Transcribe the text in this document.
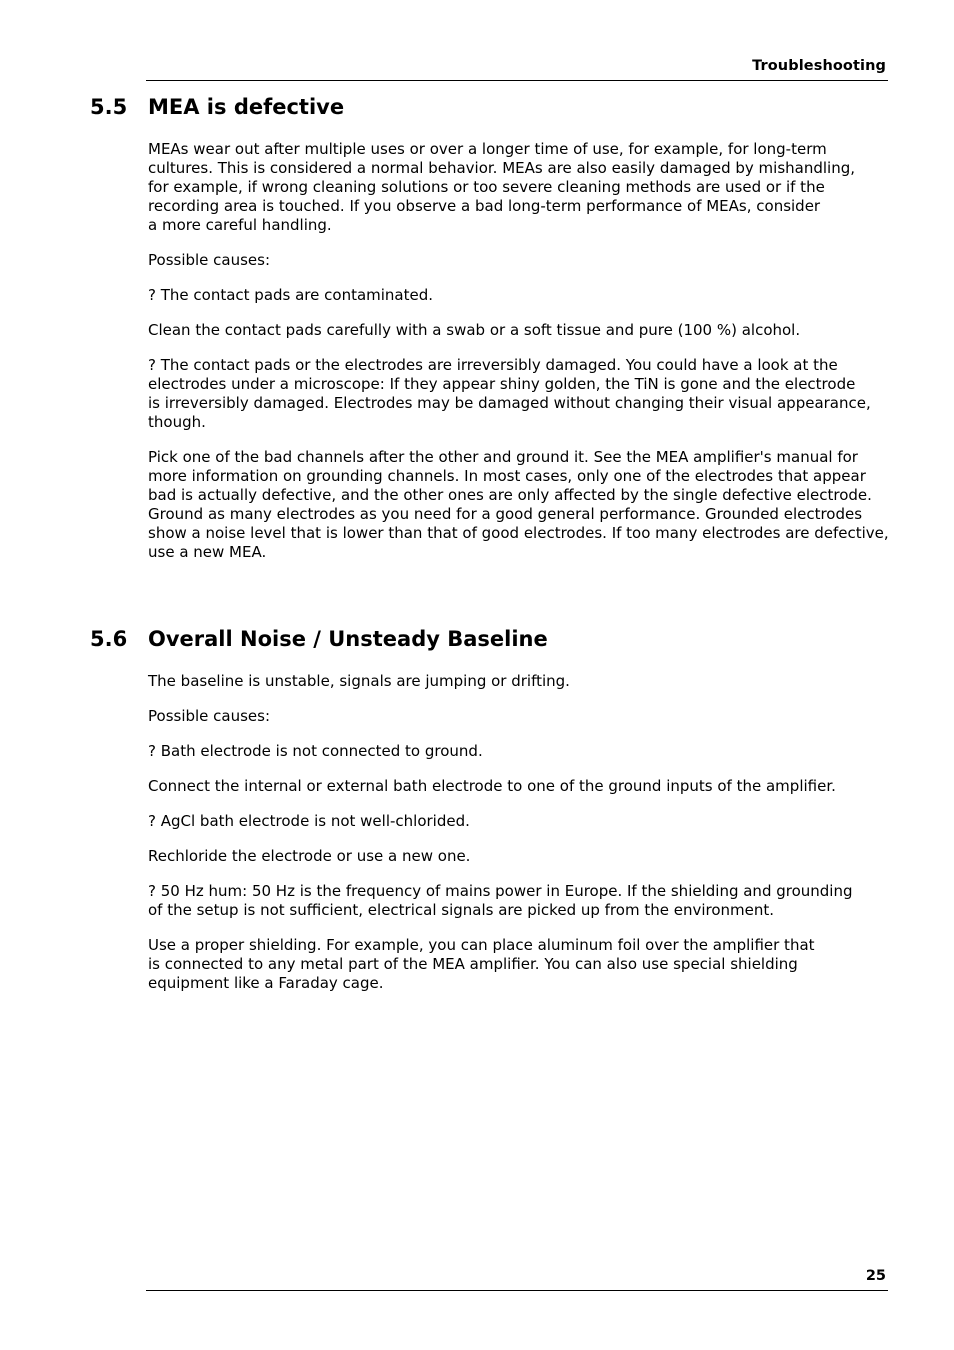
Troubleshooting
5.5 MEA is defective

MEAs wear out after multiple uses or over a longer time of use, for example, for long-term
cultures. This is considered a normal behavior. MEAs are also easily damaged by mishandling,
for example, if wrong cleaning solutions or too severe cleaning methods are used or if the
recording area is touched. If you observe a bad long-term performance of MEAs, consider
a more careful handling.

Possible causes:

? The contact pads are contaminated.

Clean the contact pads carefully with a swab or a soft tissue and pure (100 %) alcohol.

? The contact pads or the electrodes are irreversibly damaged. You could have a look at the
electrodes under a microscope: If they appear shiny golden, the TiN is gone and the electrode
is irreversibly damaged. Electrodes may be damaged without changing their visual appearance,
though.

Pick one of the bad channels after the other and ground it. See the MEA amplifier's manual for
more information on grounding channels. In most cases, only one of the electrodes that appear
bad is actually defective, and the other ones are only affected by the single defective electrode.
Ground as many electrodes as you need for a good general performance. Grounded electrodes
show a noise level that is lower than that of good electrodes. If too many electrodes are defective,
use a new MEA.

5.6 Overall Noise / Unsteady Baseline

The baseline is unstable, signals are jumping or drifting.

Possible causes:

? Bath electrode is not connected to ground.

Connect the internal or external bath electrode to one of the ground inputs of the amplifier.

? AgCl bath electrode is not well-chlorided.

Rechloride the electrode or use a new one.

? 50 Hz hum: 50 Hz is the frequency of mains power in Europe. If the shielding and grounding
of the setup is not sufficient, electrical signals are picked up from the environment.

Use a proper shielding. For example, you can place aluminum foil over the amplifier that
is connected to any metal part of the MEA amplifier. You can also use special shielding
equipment like a Faraday cage.

25
